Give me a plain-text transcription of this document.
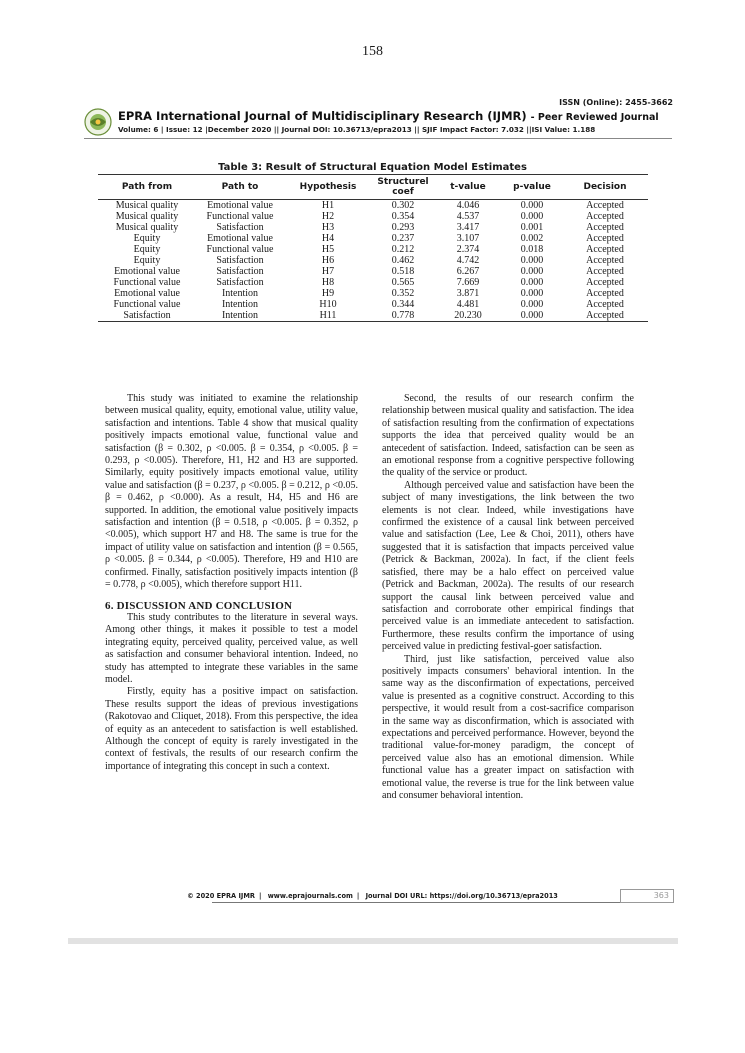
158
ISSN (Online): 2455-3662
EPRA International Journal of Multidisciplinary Research (IJMR) - Peer Reviewed Journal
Volume: 6 | Issue: 12 |December 2020 || Journal DOI: 10.36713/epra2013 || SJIF Impact Factor: 7.032 ||ISI Value: 1.188
Table 3: Result of Structural Equation Model Estimates
Path from	Path to	Hypothesis	Structurel coef	t-value	p-value	Decision
Musical quality	Emotional value	H1	0.302	4.046	0.000	Accepted
Musical quality	Functional value	H2	0.354	4.537	0.000	Accepted
Musical quality	Satisfaction	H3	0.293	3.417	0.001	Accepted
Equity	Emotional value	H4	0.237	3.107	0.002	Accepted
Equity	Functional value	H5	0.212	2.374	0.018	Accepted
Equity	Satisfaction	H6	0.462	4.742	0.000	Accepted
Emotional value	Satisfaction	H7	0.518	6.267	0.000	Accepted
Functional value	Satisfaction	H8	0.565	7.669	0.000	Accepted
Emotional value	Intention	H9	0.352	3.871	0.000	Accepted
Functional value	Intention	H10	0.344	4.481	0.000	Accepted
Satisfaction	Intention	H11	0.778	20.230	0.000	Accepted

This study was initiated to examine the relationship between musical quality, equity, emotional value, utility value, satisfaction and intentions. Table 4 show that musical quality positively impacts emotional value, functional value and satisfaction (β = 0.302, ρ <0.005. β = 0.354, ρ <0.005. β = 0.293, ρ <0.005). Therefore, H1, H2 and H3 are supported. Similarly, equity positively impacts emotional value, utility value and satisfaction (β = 0.237, ρ <0.005. β = 0.212, ρ <0.05. β = 0.462, ρ <0.000). As a result, H4, H5 and H6 are supported. In addition, the emotional value positively impacts satisfaction and intention (β = 0.518, ρ <0.005. β = 0.352, ρ <0.005), which support H7 and H8. The same is true for the impact of utility value on satisfaction and intention (β = 0.565, ρ <0.005. β = 0.344, ρ <0.005). Therefore, H9 and H10 are confirmed. Finally, satisfaction positively impacts intention (β = 0.778, ρ <0.005), which therefore support H11.

6. DISCUSSION AND CONCLUSION

This study contributes to the literature in several ways. Among other things, it makes it possible to test a model integrating equity, perceived quality, perceived value, as well as satisfaction and consumer behavioral intention. Indeed, no study has attempted to integrate these variables in the same model.

Firstly, equity has a positive impact on satisfaction. These results support the ideas of previous investigations (Rakotovao and Cliquet, 2018). From this perspective, the idea of equity as an antecedent to satisfaction is well established. Although the concept of equity is rarely investigated in the context of festivals, the results of our research confirm the importance of integrating this concept in such a context.

Second, the results of our research confirm the relationship between musical quality and satisfaction. The idea of satisfaction resulting from the confirmation of expectations supports the idea that perceived quality would be an antecedent of satisfaction. Indeed, satisfaction can be seen as an emotional response from a cognitive perspective following the quality of the service or product.

Although perceived value and satisfaction have been the subject of many investigations, the link between the two elements is not clear. Indeed, while investigations have confirmed the existence of a causal link between perceived value and satisfaction (Lee, Lee & Choi, 2011), others have suggested that it is satisfaction that impacts perceived value (Petrick & Backman, 2002a). In fact, if the client feels satisfied, there may be a halo effect on perceived value (Petrick and Backman, 2002a). The results of our research support the causal link between perceived value and satisfaction and corroborate other empirical findings that perceived value is an immediate antecedent to satisfaction. Furthermore, these results confirm the importance of using perceived value in predicting festival-goer satisfaction.

Third, just like satisfaction, perceived value also positively impacts consumers' behavioral intention. In the same way as the disconfirmation of expectations, perceived value is presented as a cognitive construct. According to this perspective, it would result from a cost-sacrifice comparison in the same way as disconfirmation, which is associated with expectations and perceived performance. However, beyond the traditional value-for-money paradigm, the concept of perceived value also has an emotional dimension. While functional value has a greater impact on satisfaction with emotional value, the reverse is true for the link between value and consumer behavioral intention.

© 2020 EPRA IJMR | www.eprajournals.com | Journal DOI URL: https://doi.org/10.36713/epra2013	363
